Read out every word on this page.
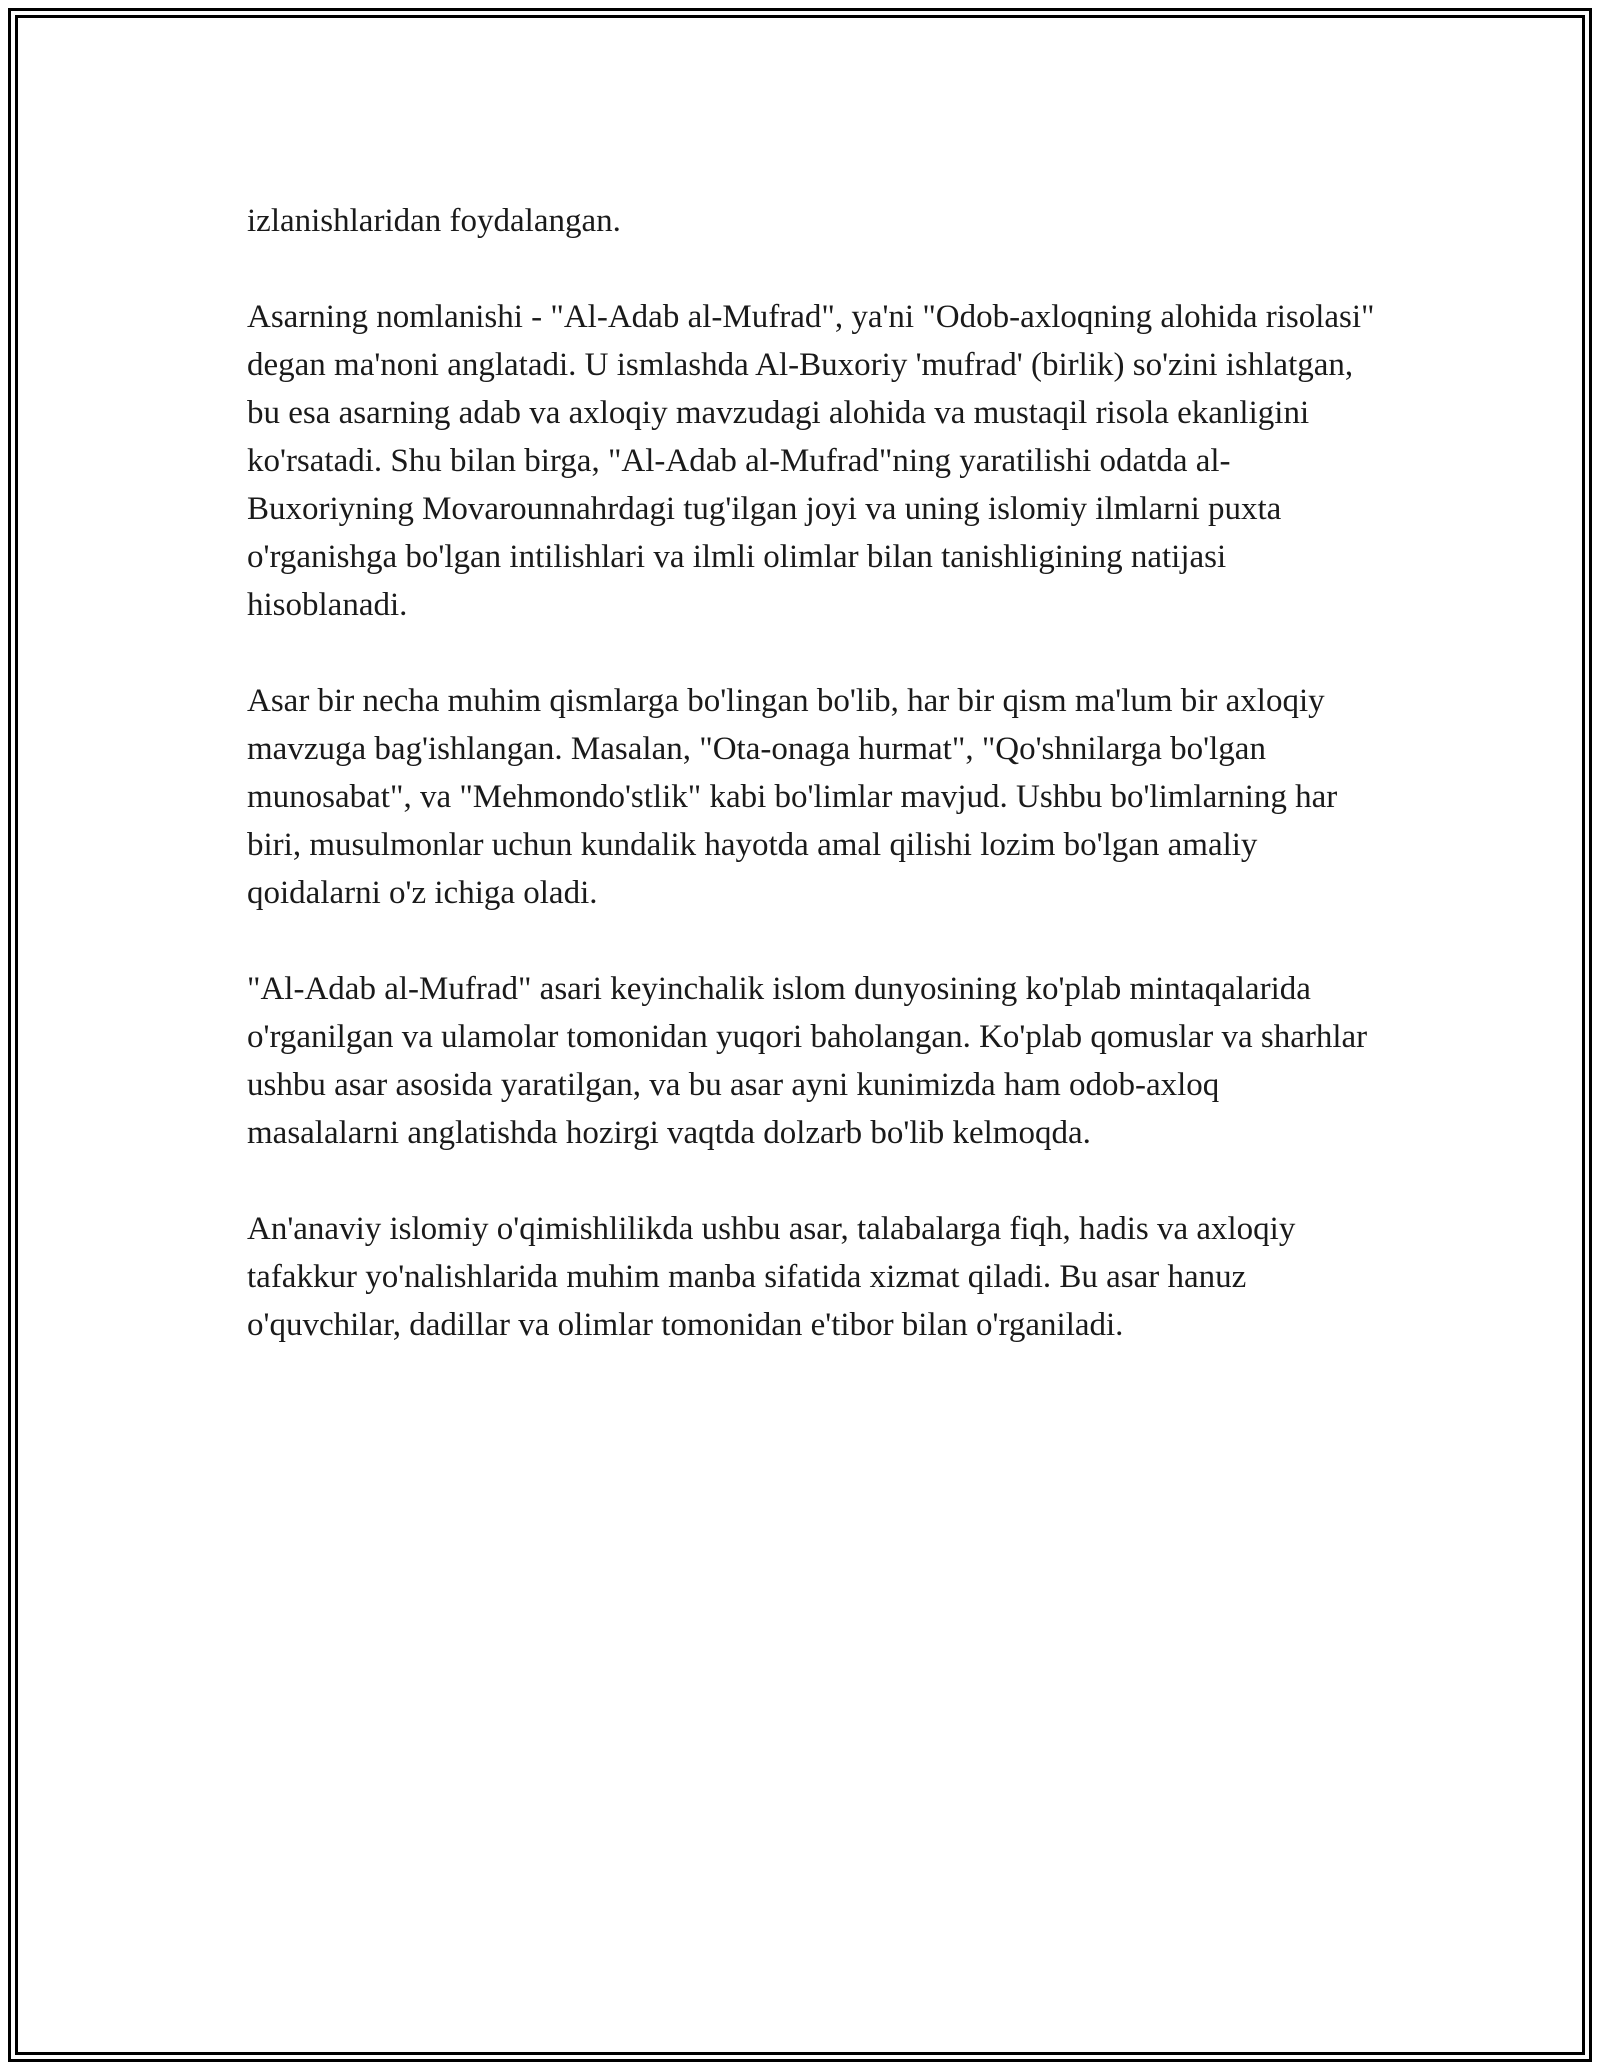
izlanishlaridan foydalangan.

Asarning nomlanishi - "Al-Adab al-Mufrad", ya'ni "Odob-axloqning alohida risolasi" degan ma'noni anglatadi. U ismlashda Al-Buxoriy 'mufrad' (birlik) so'zini ishlatgan, bu esa asarning adab va axloqiy mavzudagi alohida va mustaqil risola ekanligini ko'rsatadi. Shu bilan birga, "Al-Adab al-Mufrad"ning yaratilishi odatda al-Buxoriyning Movarounnahrdagi tug'ilgan joyi va uning islomiy ilmlarni puxta o'rganishga bo'lgan intilishlari va ilmli olimlar bilan tanishligining natijasi hisoblanadi.

Asar bir necha muhim qismlarga bo'lingan bo'lib, har bir qism ma'lum bir axloqiy mavzuga bag'ishlangan. Masalan, "Ota-onaga hurmat", "Qo'shnilarga bo'lgan munosabat", va "Mehmondo'stlik" kabi bo'limlar mavjud. Ushbu bo'limlarning har biri, musulmonlar uchun kundalik hayotda amal qilishi lozim bo'lgan amaliy qoidalarni o'z ichiga oladi.

"Al-Adab al-Mufrad" asari keyinchalik islom dunyosining ko'plab mintaqalarida o'rganilgan va ulamolar tomonidan yuqori baholangan. Ko'plab qomuslar va sharhlar ushbu asar asosida yaratilgan, va bu asar ayni kunimizda ham odob-axloq masalalarni anglatishda hozirgi vaqtda dolzarb bo'lib kelmoqda.

An'anaviy islomiy o'qimishlilikda ushbu asar, talabalarga fiqh, hadis va axloqiy tafakkur yo'nalishlarida muhim manba sifatida xizmat qiladi. Bu asar hanuz o'quvchilar, dadillar va olimlar tomonidan e'tibor bilan o'rganiladi.
